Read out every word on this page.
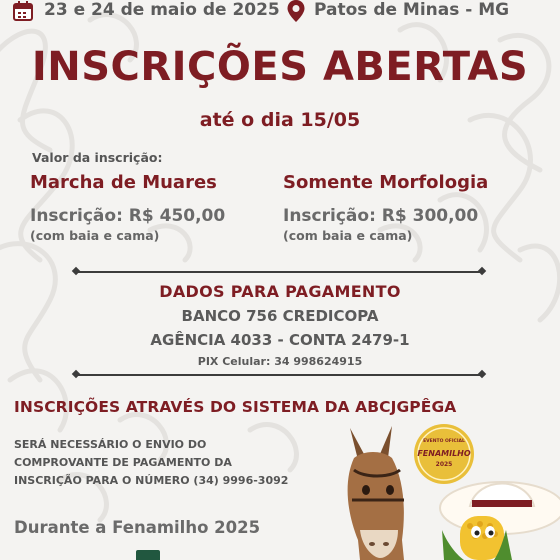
23 e 24 de maio de 2025 Patos de Minas - MG
INSCRIÇÕES ABERTAS
até o dia 15/05
Valor da inscrição:
Marcha de Muares
Inscrição: R$ 450,00
(com baia e cama)
Somente Morfologia
Inscrição: R$ 300,00
(com baia e cama)
DADOS PARA PAGAMENTO
BANCO 756 CREDICOPA
AGÊNCIA 4033 - CONTA 2479-1
PIX Celular: 34 998624915
INSCRIÇÕES ATRAVÉS DO SISTEMA DA ABCJGPÊGA
SERÁ NECESSÁRIO O ENVIO DO
COMPROVANTE DE PAGAMENTO DA
INSCRIÇÃO PARA O NÚMERO (34) 9996-3092
Durante a Fenamilho 2025
EVENTO OFICIAL
FENAMILHO
2025
